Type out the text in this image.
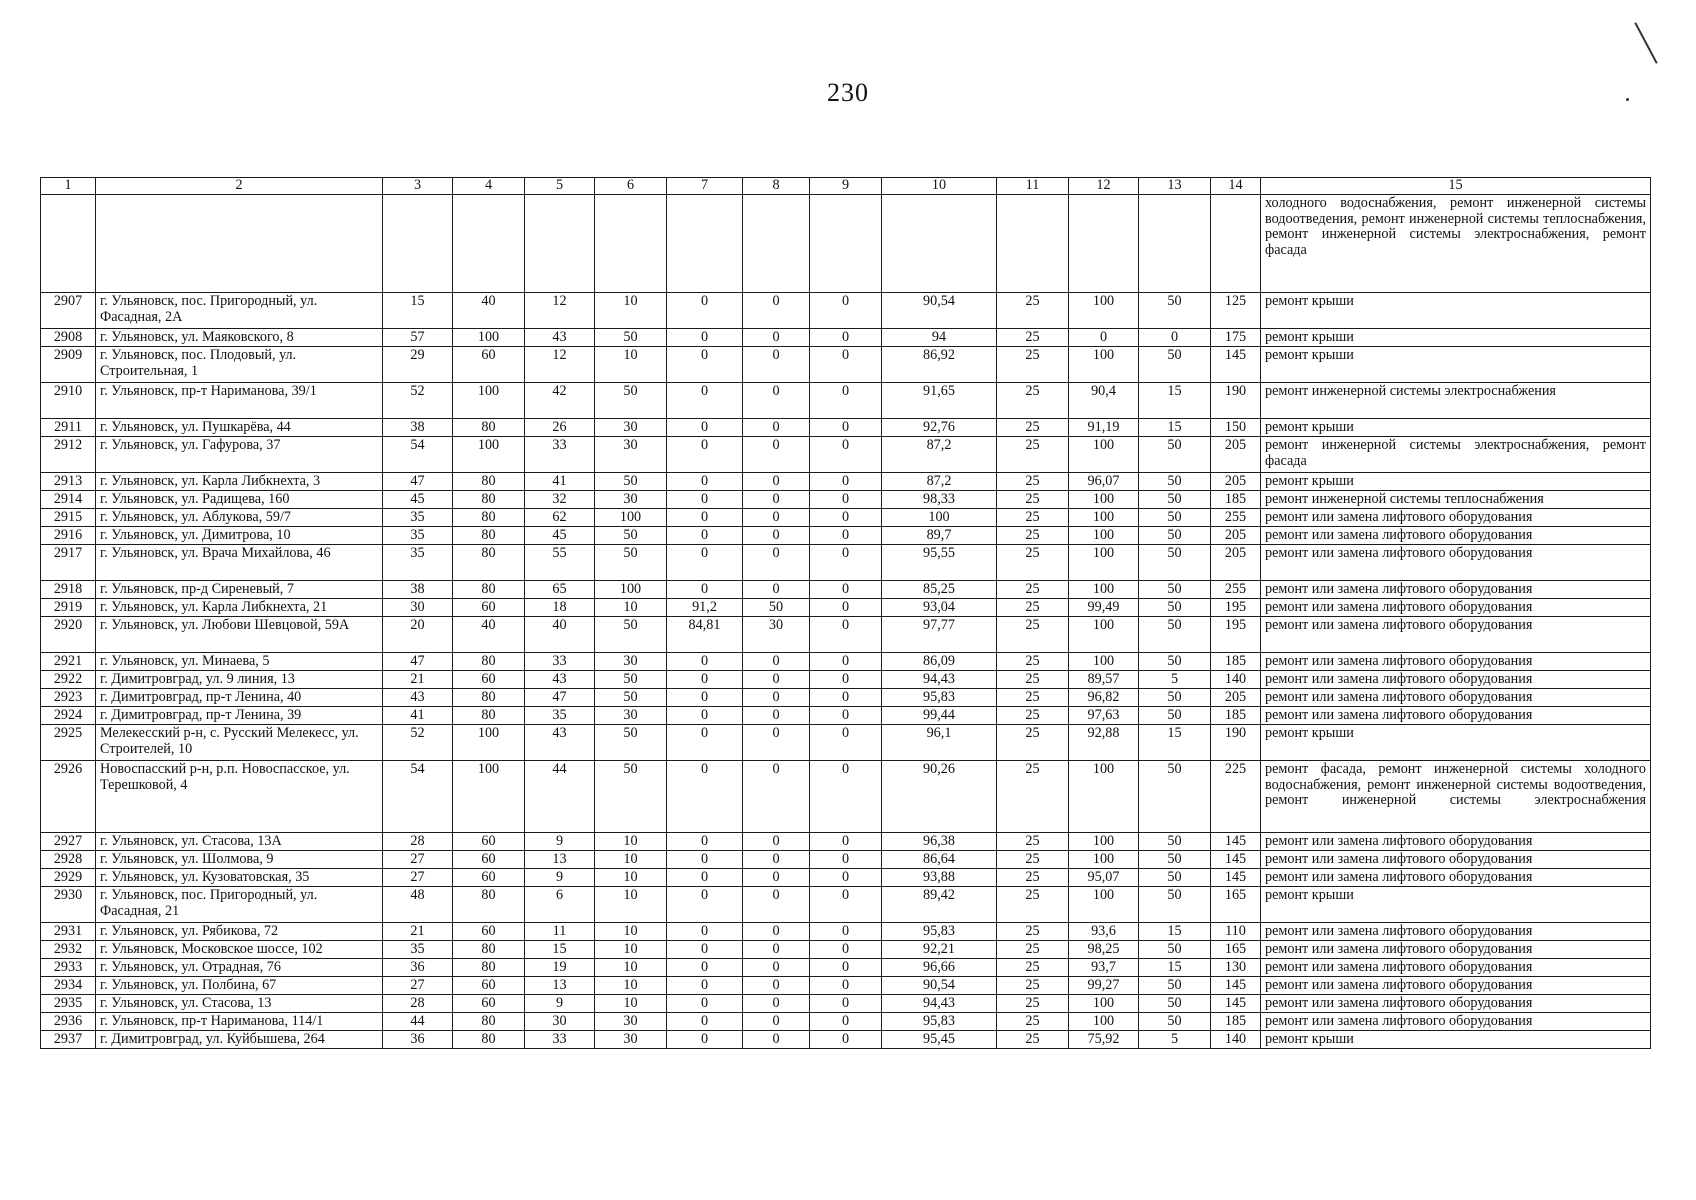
230
1	2	3	4	5	6	7	8	9	10	11	12	13	14	15
														холодного водоснабжения, ремонт инженерной системы водоотведения, ремонт инженерной системы теплоснабжения, ремонт инженерной системы электроснабжения, ремонт фасада
2907	г. Ульяновск, пос. Пригородный, ул. Фасадная, 2А	15	40	12	10	0	0	0	90,54	25	100	50	125	ремонт крыши
2908	г. Ульяновск, ул. Маяковского, 8	57	100	43	50	0	0	0	94	25	0	0	175	ремонт крыши
2909	г. Ульяновск, пос. Плодовый, ул. Строительная, 1	29	60	12	10	0	0	0	86,92	25	100	50	145	ремонт крыши
2910	г. Ульяновск, пр-т Нариманова, 39/1	52	100	42	50	0	0	0	91,65	25	90,4	15	190	ремонт инженерной системы электроснабжения
2911	г. Ульяновск, ул. Пушкарёва, 44	38	80	26	30	0	0	0	92,76	25	91,19	15	150	ремонт крыши
2912	г. Ульяновск, ул. Гафурова, 37	54	100	33	30	0	0	0	87,2	25	100	50	205	ремонт инженерной системы электроснабжения, ремонт фасада
2913	г. Ульяновск, ул. Карла Либкнехта, 3	47	80	41	50	0	0	0	87,2	25	96,07	50	205	ремонт крыши
2914	г. Ульяновск, ул. Радищева, 160	45	80	32	30	0	0	0	98,33	25	100	50	185	ремонт инженерной системы теплоснабжения
2915	г. Ульяновск, ул. Аблукова, 59/7	35	80	62	100	0	0	0	100	25	100	50	255	ремонт или замена лифтового оборудования
2916	г. Ульяновск, ул. Димитрова, 10	35	80	45	50	0	0	0	89,7	25	100	50	205	ремонт или замена лифтового оборудования
2917	г. Ульяновск, ул. Врача Михайлова, 46	35	80	55	50	0	0	0	95,55	25	100	50	205	ремонт или замена лифтового оборудования
2918	г. Ульяновск, пр-д Сиреневый, 7	38	80	65	100	0	0	0	85,25	25	100	50	255	ремонт или замена лифтового оборудования
2919	г. Ульяновск, ул. Карла Либкнехта, 21	30	60	18	10	91,2	50	0	93,04	25	99,49	50	195	ремонт или замена лифтового оборудования
2920	г. Ульяновск, ул. Любови Шевцовой, 59А	20	40	40	50	84,81	30	0	97,77	25	100	50	195	ремонт или замена лифтового оборудования
2921	г. Ульяновск, ул. Минаева, 5	47	80	33	30	0	0	0	86,09	25	100	50	185	ремонт или замена лифтового оборудования
2922	г. Димитровград, ул. 9 линия, 13	21	60	43	50	0	0	0	94,43	25	89,57	5	140	ремонт или замена лифтового оборудования
2923	г. Димитровград, пр-т Ленина, 40	43	80	47	50	0	0	0	95,83	25	96,82	50	205	ремонт или замена лифтового оборудования
2924	г. Димитровград, пр-т Ленина, 39	41	80	35	30	0	0	0	99,44	25	97,63	50	185	ремонт или замена лифтового оборудования
2925	Мелекесский р-н, с. Русский Мелекесс, ул. Строителей, 10	52	100	43	50	0	0	0	96,1	25	92,88	15	190	ремонт крыши
2926	Новоспасский р-н, р.п. Новоспасское, ул. Терешковой, 4	54	100	44	50	0	0	0	90,26	25	100	50	225	ремонт фасада, ремонт инженерной системы холодного водоснабжения, ремонт инженерной системы водоотведения, ремонт инженерной системы электроснабжения
2927	г. Ульяновск, ул. Стасова, 13А	28	60	9	10	0	0	0	96,38	25	100	50	145	ремонт или замена лифтового оборудования
2928	г. Ульяновск, ул. Шолмова, 9	27	60	13	10	0	0	0	86,64	25	100	50	145	ремонт или замена лифтового оборудования
2929	г. Ульяновск, ул. Кузоватовская, 35	27	60	9	10	0	0	0	93,88	25	95,07	50	145	ремонт или замена лифтового оборудования
2930	г. Ульяновск, пос. Пригородный, ул. Фасадная, 21	48	80	6	10	0	0	0	89,42	25	100	50	165	ремонт крыши
2931	г. Ульяновск, ул. Рябикова, 72	21	60	11	10	0	0	0	95,83	25	93,6	15	110	ремонт или замена лифтового оборудования
2932	г. Ульяновск, Московское шоссе, 102	35	80	15	10	0	0	0	92,21	25	98,25	50	165	ремонт или замена лифтового оборудования
2933	г. Ульяновск, ул. Отрадная, 76	36	80	19	10	0	0	0	96,66	25	93,7	15	130	ремонт или замена лифтового оборудования
2934	г. Ульяновск, ул. Полбина, 67	27	60	13	10	0	0	0	90,54	25	99,27	50	145	ремонт или замена лифтового оборудования
2935	г. Ульяновск, ул. Стасова, 13	28	60	9	10	0	0	0	94,43	25	100	50	145	ремонт или замена лифтового оборудования
2936	г. Ульяновск, пр-т Нариманова, 114/1	44	80	30	30	0	0	0	95,83	25	100	50	185	ремонт или замена лифтового оборудования
2937	г. Димитровград, ул. Куйбышева, 264	36	80	33	30	0	0	0	95,45	25	75,92	5	140	ремонт крыши
